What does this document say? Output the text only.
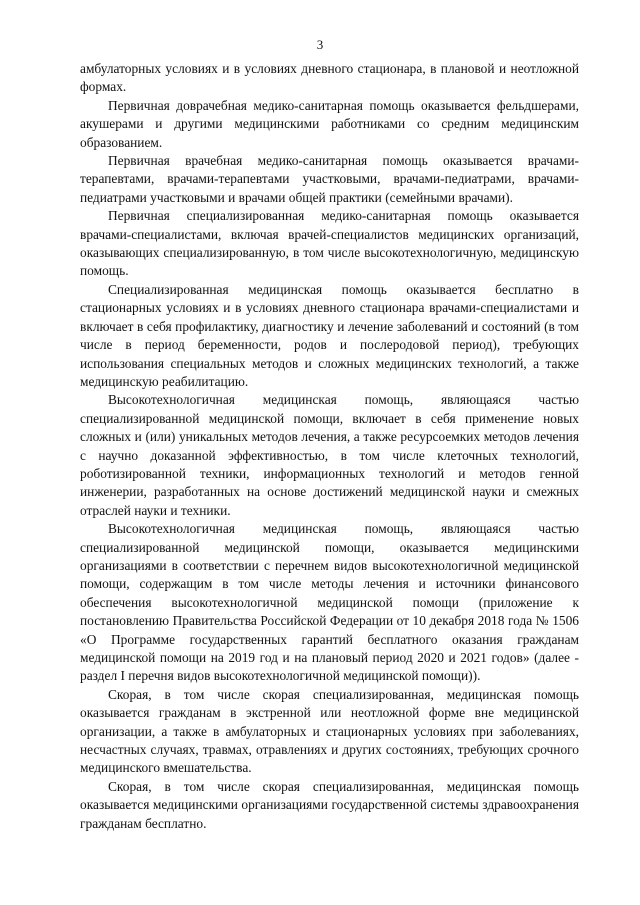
3

амбулаторных условиях и в условиях дневного стационара, в плановой и неотложной формах.

Первичная доврачебная медико-санитарная помощь оказывается фельдшерами, акушерами и другими медицинскими работниками со средним медицинским образованием.

Первичная врачебная медико-санитарная помощь оказывается врачами-терапевтами, врачами-терапевтами участковыми, врачами-педиатрами, врачами-педиатрами участковыми и врачами общей практики (семейными врачами).

Первичная специализированная медико-санитарная помощь оказывается врачами-специалистами, включая врачей-специалистов медицинских организаций, оказывающих специализированную, в том числе высокотехнологичную, медицинскую помощь.

Специализированная медицинская помощь оказывается бесплатно в стационарных условиях и в условиях дневного стационара врачами-специалистами и включает в себя профилактику, диагностику и лечение заболеваний и состояний (в том числе в период беременности, родов и послеродовой период), требующих использования специальных методов и сложных медицинских технологий, а также медицинскую реабилитацию.

Высокотехнологичная медицинская помощь, являющаяся частью специализированной медицинской помощи, включает в себя применение новых сложных и (или) уникальных методов лечения, а также ресурсоемких методов лечения с научно доказанной эффективностью, в том числе клеточных технологий, роботизированной техники, информационных технологий и методов генной инженерии, разработанных на основе достижений медицинской науки и смежных отраслей науки и техники.

Высокотехнологичная медицинская помощь, являющаяся частью специализированной медицинской помощи, оказывается медицинскими организациями в соответствии с перечнем видов высокотехнологичной медицинской помощи, содержащим в том числе методы лечения и источники финансового обеспечения высокотехнологичной медицинской помощи (приложение к постановлению Правительства Российской Федерации от 10 декабря 2018 года № 1506 «О Программе государственных гарантий бесплатного оказания гражданам медицинской помощи на 2019 год и на плановый период 2020 и 2021 годов» (далее - раздел I перечня видов высокотехнологичной медицинской помощи)).

Скорая, в том числе скорая специализированная, медицинская помощь оказывается гражданам в экстренной или неотложной форме вне медицинской организации, а также в амбулаторных и стационарных условиях при заболеваниях, несчастных случаях, травмах, отравлениях и других состояниях, требующих срочного медицинского вмешательства.

Скорая, в том числе скорая специализированная, медицинская помощь оказывается медицинскими организациями государственной системы здравоохранения гражданам бесплатно.
